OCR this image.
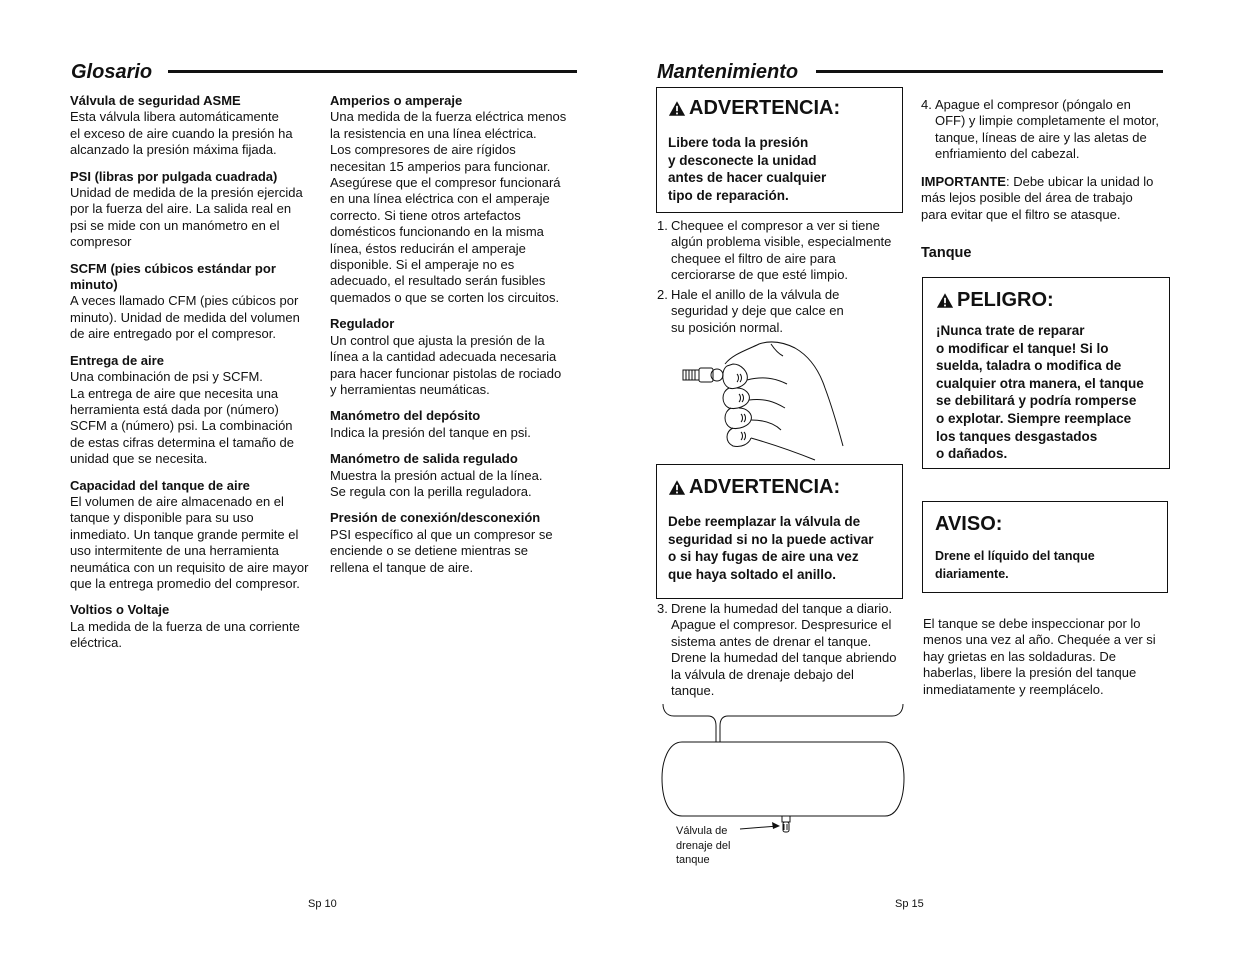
Glosario
Válvula de seguridad ASME
Esta válvula libera automáticamente
el exceso de aire cuando la presión ha
alcanzado la presión máxima fijada.
PSI (libras por pulgada cuadrada)
Unidad de medida de la presión ejercida
por la fuerza del aire. La salida real en
psi se mide con un manómetro en el
compresor
SCFM (pies cúbicos estándar por
minuto)
A veces llamado CFM (pies cúbicos por
minuto). Unidad de medida del volumen
de aire entregado por el compresor.
Entrega de aire
Una combinación de psi y SCFM.
La entrega de aire que necesita una
herramienta está dada por (número)
SCFM a (número) psi. La combinación
de estas cifras determina el tamaño de
unidad que se necesita.
Capacidad del tanque de aire
El volumen de aire almacenado en el
tanque y disponible para su uso
inmediato. Un tanque grande permite el
uso intermitente de una herramienta
neumática con un requisito de aire mayor
que la entrega promedio del compresor.
Voltios o Voltaje
La medida de la fuerza de una corriente
eléctrica.
Amperios o amperaje
Una medida de la fuerza eléctrica menos
la resistencia en una línea eléctrica.
Los compresores de aire rígidos
necesitan 15 amperios para funcionar.
Asegúrese que el compresor funcionará
en una línea eléctrica con el amperaje
correcto. Si tiene otros artefactos
domésticos funcionando en la misma
línea, éstos reducirán el amperaje
disponible. Si el amperaje no es
adecuado, el resultado serán fusibles
quemados o que se corten los circuitos.
Regulador
Un control que ajusta la presión de la
línea a la cantidad adecuada necesaria
para hacer funcionar pistolas de rociado
y herramientas neumáticas.
Manómetro del depósito
Indica la presión del tanque en psi.
Manómetro de salida regulado
Muestra la presión actual de la línea.
Se regula con la perilla reguladora.
Presión de conexión/desconexión
PSI específico al que un compresor se
enciende o se detiene mientras se
rellena el tanque de aire.
Sp 10
Mantenimiento
ADVERTENCIA:
Libere toda la presión
y desconecte la unidad
antes de hacer cualquier
tipo de reparación.
1. Chequee el compresor a ver si tiene
algún problema visible, especialmente
chequee el filtro de aire para
cerciorarse de que esté limpio.
2. Hale el anillo de la válvula de
seguridad y deje que calce en
su posición normal.
ADVERTENCIA:
Debe reemplazar la válvula de
seguridad si no la puede activar
o si hay fugas de aire una vez
que haya soltado el anillo.
3. Drene la humedad del tanque a diario.
Apague el compresor. Despresurice el
sistema antes de drenar el tanque.
Drene la humedad del tanque abriendo
la válvula de drenaje debajo del
tanque.
Válvula de
drenaje del
tanque
4. Apague el compresor (póngalo en
OFF) y limpie completamente el motor,
tanque, líneas de aire y las aletas de
enfriamiento del cabezal.
IMPORTANTE: Debe ubicar la unidad lo
más lejos posible del área de trabajo
para evitar que el filtro se atasque.
Tanque
PELIGRO:
¡Nunca trate de reparar
o modificar el tanque! Si lo
suelda, taladra o modifica de
cualquier otra manera, el tanque
se debilitará y podría romperse
o explotar. Siempre reemplace
los tanques desgastados
o dañados.
AVISO:
Drene el líquido del tanque
diariamente.
El tanque se debe inspeccionar por lo
menos una vez al año. Chequée a ver si
hay grietas en las soldaduras. De
haberlas, libere la presión del tanque
inmediatamente y reemplácelo.
Sp 15
